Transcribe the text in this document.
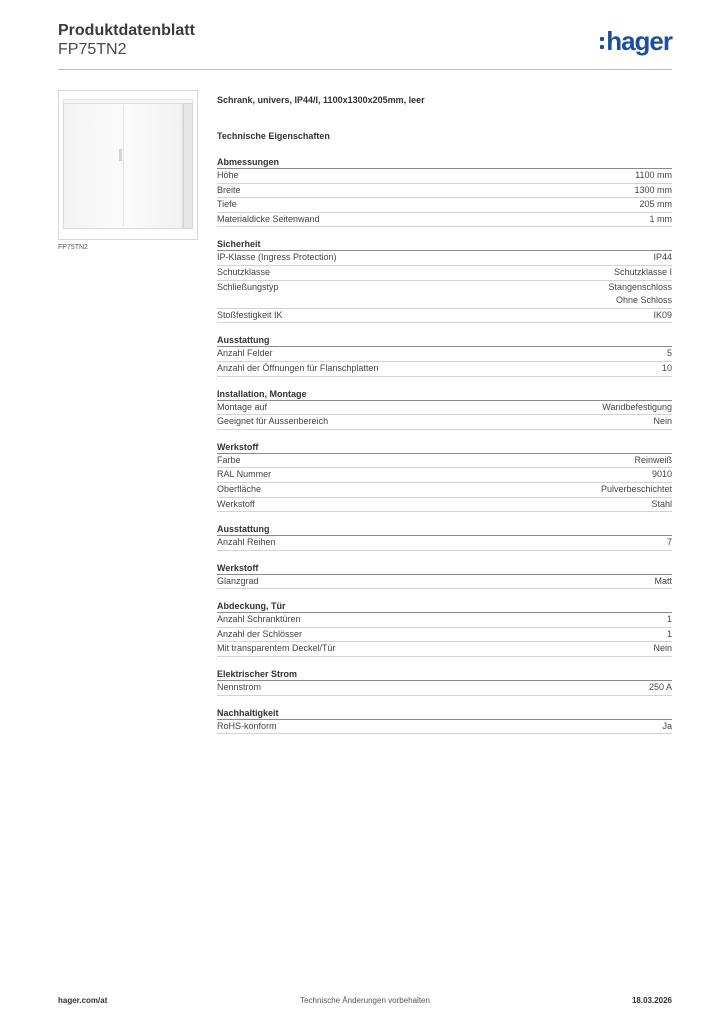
Produktdatenblatt
FP75TN2	hager
FP75TN2
Schrank, univers, IP44/I, 1100x1300x205mm, leer
Technische Eigenschaften
Abmessungen
Höhe	1100 mm
Breite	1300 mm
Tiefe	205 mm
Materialdicke Seitenwand	1 mm
Sicherheit
IP-Klasse (Ingress Protection)	IP44
Schutzklasse	Schutzklasse I
Schließungstyp	Stangenschloss
Ohne Schloss
Stoßfestigkeit IK	IK09
Ausstattung
Anzahl Felder	5
Anzahl der Öffnungen für Flanschplatten	10
Installation, Montage
Montage auf	Wandbefestigung
Geeignet für Aussenbereich	Nein
Werkstoff
Farbe	Reinweiß
RAL Nummer	9010
Oberfläche	Pulverbeschichtet
Werkstoff	Stahl
Ausstattung
Anzahl Reihen	7
Werkstoff
Glanzgrad	Matt
Abdeckung, Tür
Anzahl Schranktüren	1
Anzahl der Schlösser	1
Mit transparentem Deckel/Tür	Nein
Elektrischer Strom
Nennstrom	250 A
Nachhaltigkeit
RoHS-konform	Ja
hager.com/at	Technische Änderungen vorbehalten	18.03.2026
